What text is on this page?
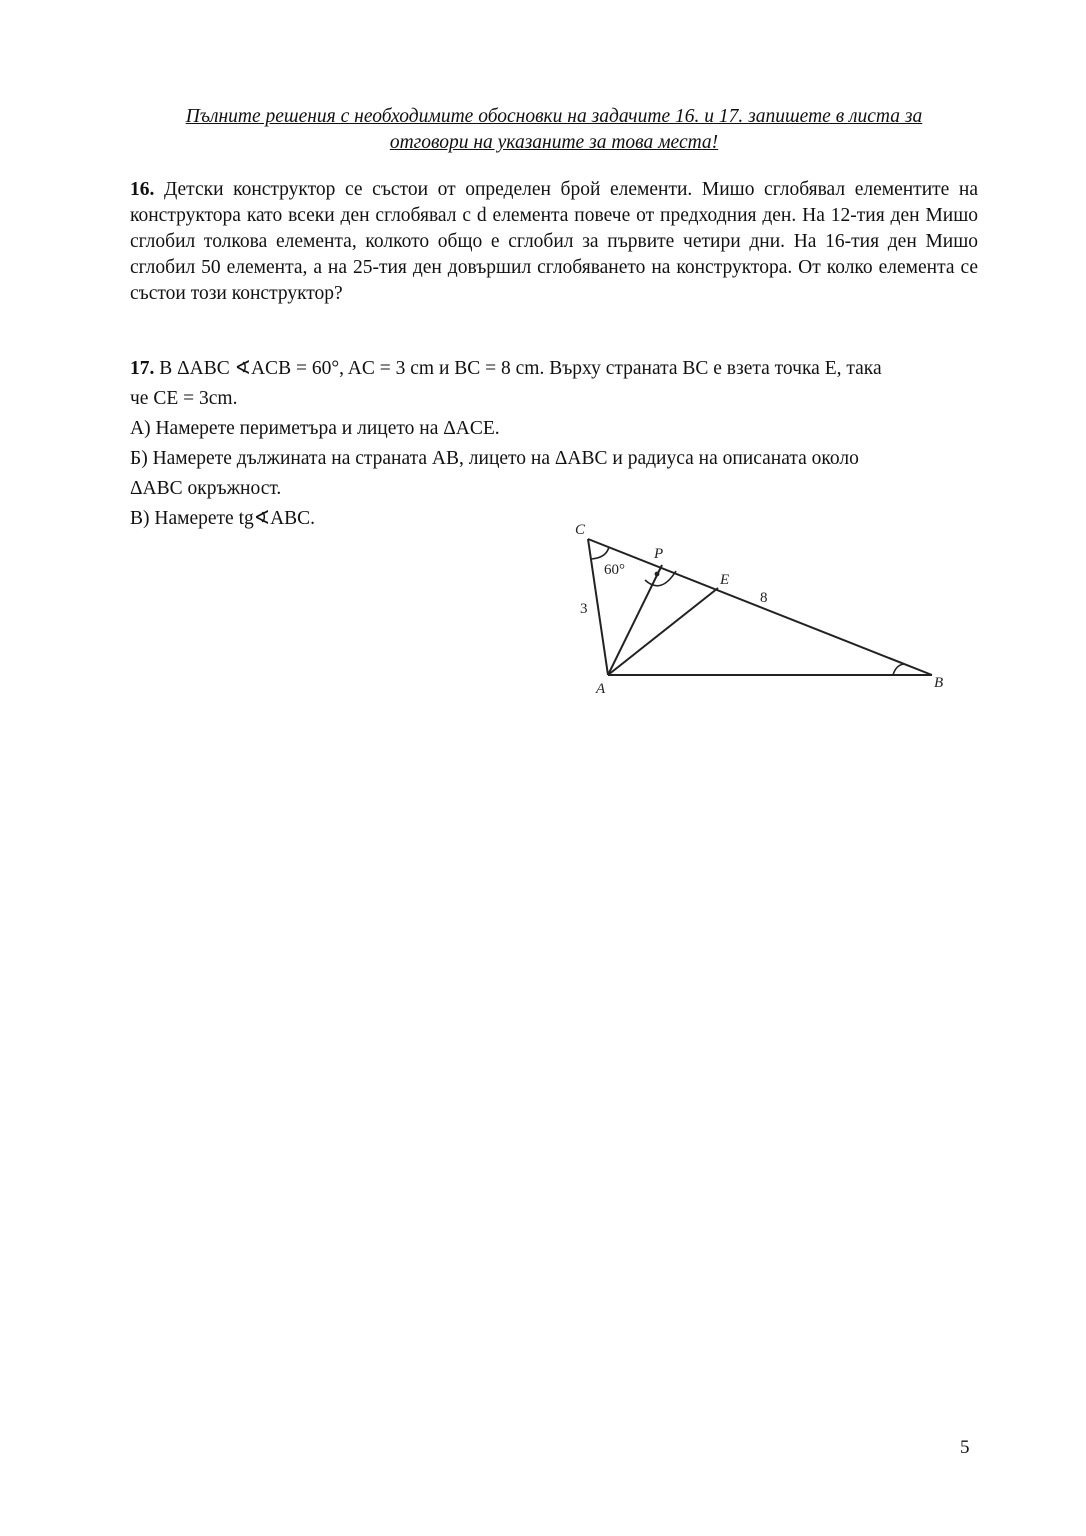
Пълните решения с необходимите обосновки на задачите 16. и 17. запишете в листа за
отговори на указаните за това места!
16. Детски конструктор се състои от определен брой елементи. Мишо сглобявал елементите на конструктора като всеки ден сглобявал с d елемента повече от предходния ден. На 12-тия ден Мишо сглобил толкова елемента, колкото общо е сглобил за първите четири дни. На 16-тия ден Мишо сглобил 50 елемента, а на 25-тия ден довършил сглобяването на конструктора. От колко елемента се състои този конструктор?
17. В ΔABC ∢ACB = 60°, AC = 3 cm и BC = 8 cm. Върху страната BC е взета точка E, така
че CE = 3cm.
А) Намерете периметъра и лицето на ΔACE.
Б) Намерете дължината на страната AB, лицето на ΔABC и радиуса на описаната около
ΔABC окръжност.
В) Намерете tg∢ABC.
C
P
E
A	B
60°
3
8
5
